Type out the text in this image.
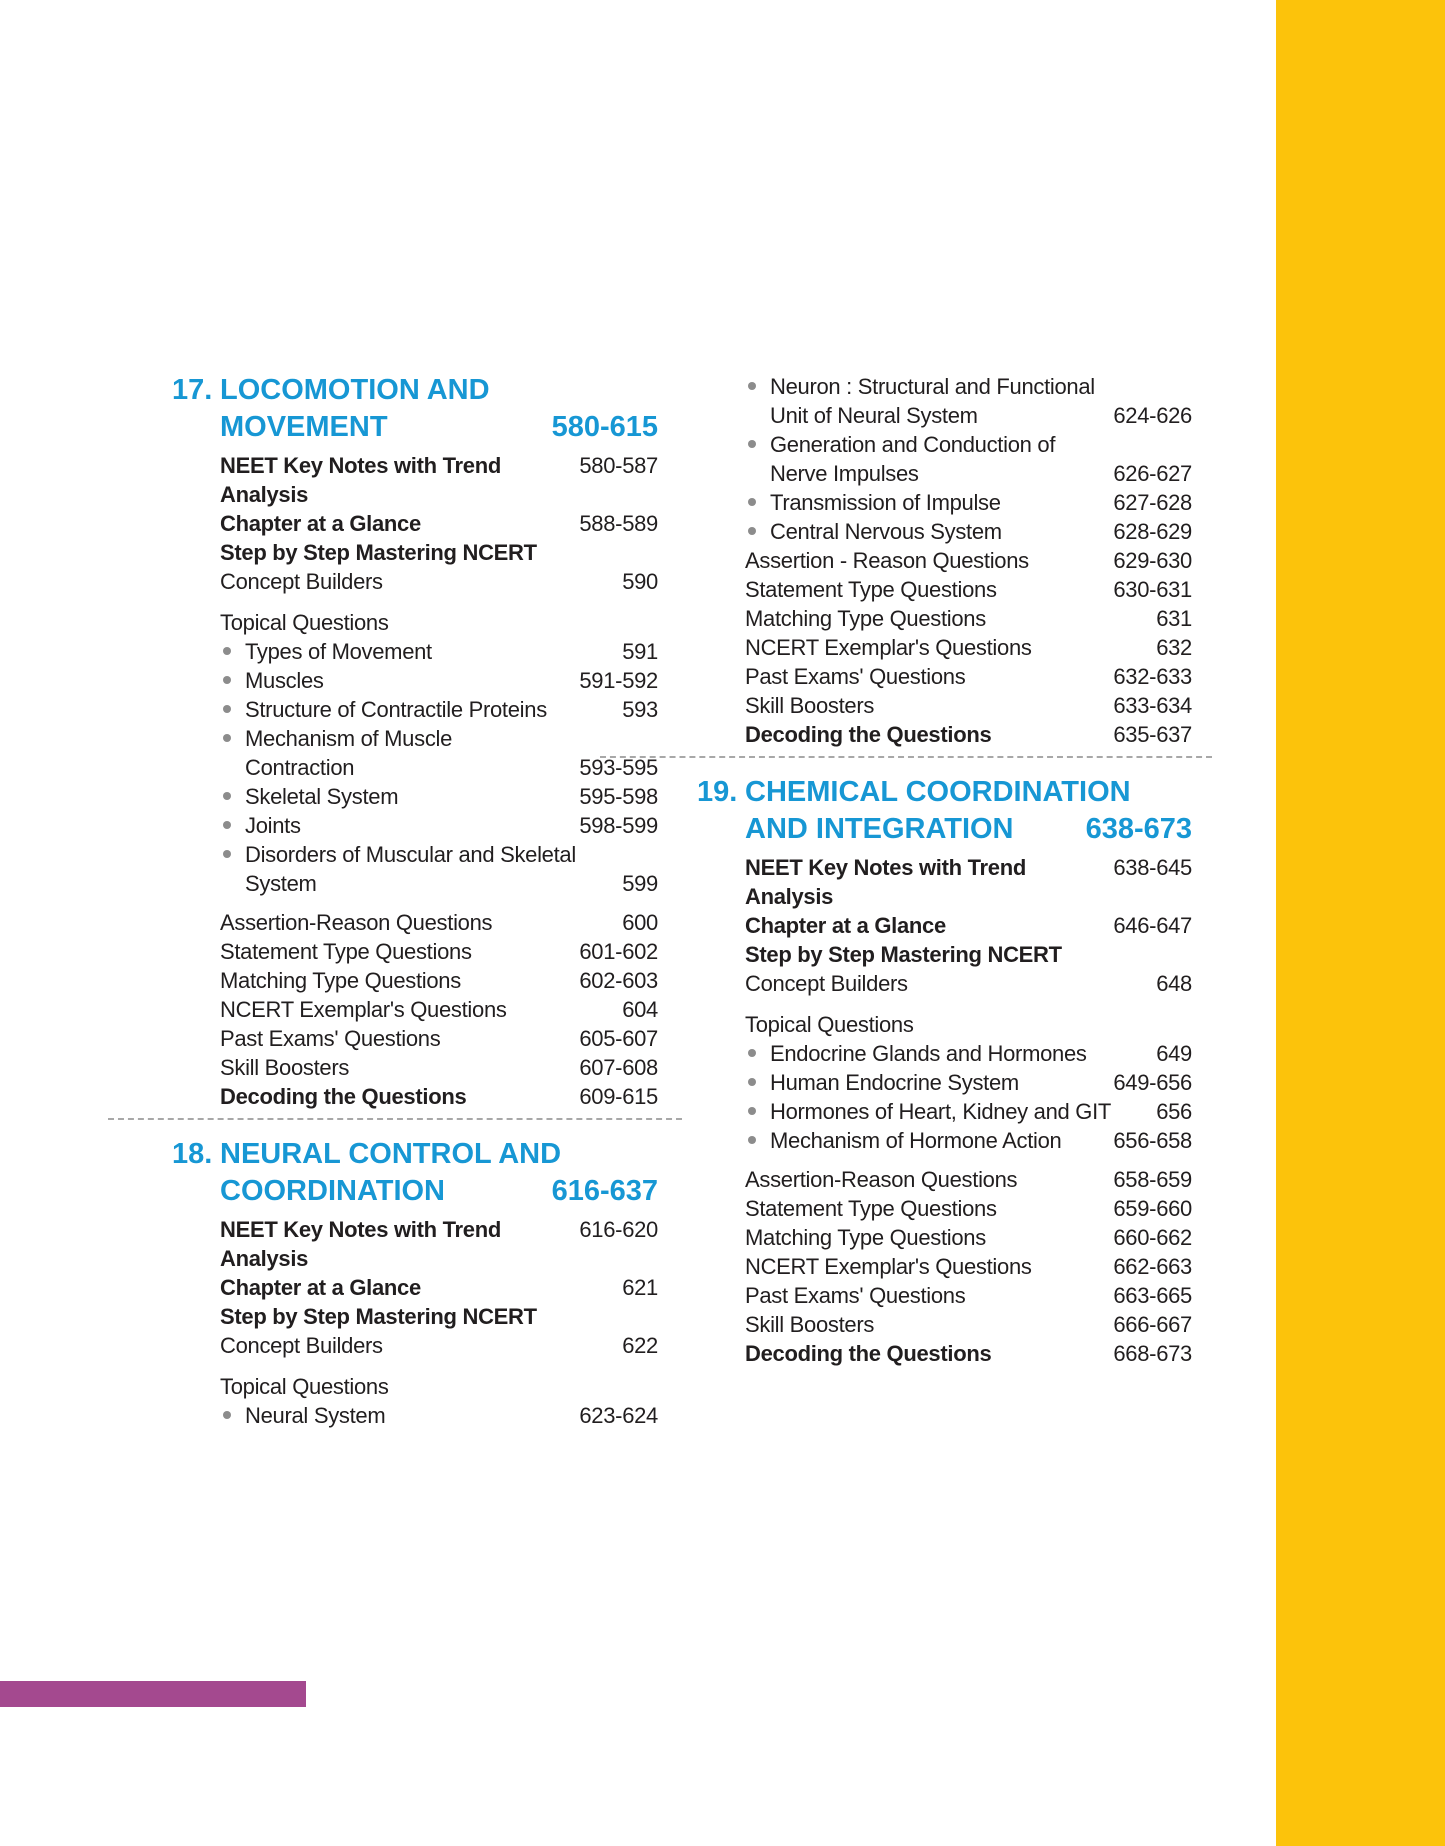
17. LOCOMOTION AND
MOVEMENT	580-615
NEET Key Notes with Trend Analysis
580-587
Chapter at a Glance	588-589
Step by Step Mastering NCERT
Concept Builders	590
Topical Questions
Types of Movement	591
Muscles	591-592
Structure of Contractile Proteins	593
Mechanism of Muscle
Contraction	593-595
Skeletal System	595-598
Joints	598-599
Disorders of Muscular and Skeletal
System	599
Assertion-Reason Questions	600
Statement Type Questions	601-602
Matching Type Questions	602-603
NCERT Exemplar's Questions	604
Past Exams' Questions	605-607
Skill Boosters	607-608
Decoding the Questions	609-615
18. NEURAL CONTROL AND
COORDINATION	616-637
NEET Key Notes with Trend Analysis
616-620
Chapter at a Glance	621
Step by Step Mastering NCERT
Concept Builders	622
Topical Questions
Neural System	623-624
Neuron : Structural and Functional
Unit of Neural System	624-626
Generation and Conduction of
Nerve Impulses	626-627
Transmission of Impulse	627-628
Central Nervous System	628-629
Assertion - Reason Questions	629-630
Statement Type Questions	630-631
Matching Type Questions	631
NCERT Exemplar's Questions	632
Past Exams' Questions	632-633
Skill Boosters	633-634
Decoding the Questions	635-637
19. CHEMICAL COORDINATION
AND INTEGRATION	638-673
NEET Key Notes with Trend Analysis
638-645
Chapter at a Glance	646-647
Step by Step Mastering NCERT
Concept Builders	648
Topical Questions
Endocrine Glands and Hormones	649
Human Endocrine System	649-656
Hormones of Heart, Kidney and GIT	656
Mechanism of Hormone Action	656-658
Assertion-Reason Questions	658-659
Statement Type Questions	659-660
Matching Type Questions	660-662
NCERT Exemplar's Questions	662-663
Past Exams' Questions	663-665
Skill Boosters	666-667
Decoding the Questions	668-673
